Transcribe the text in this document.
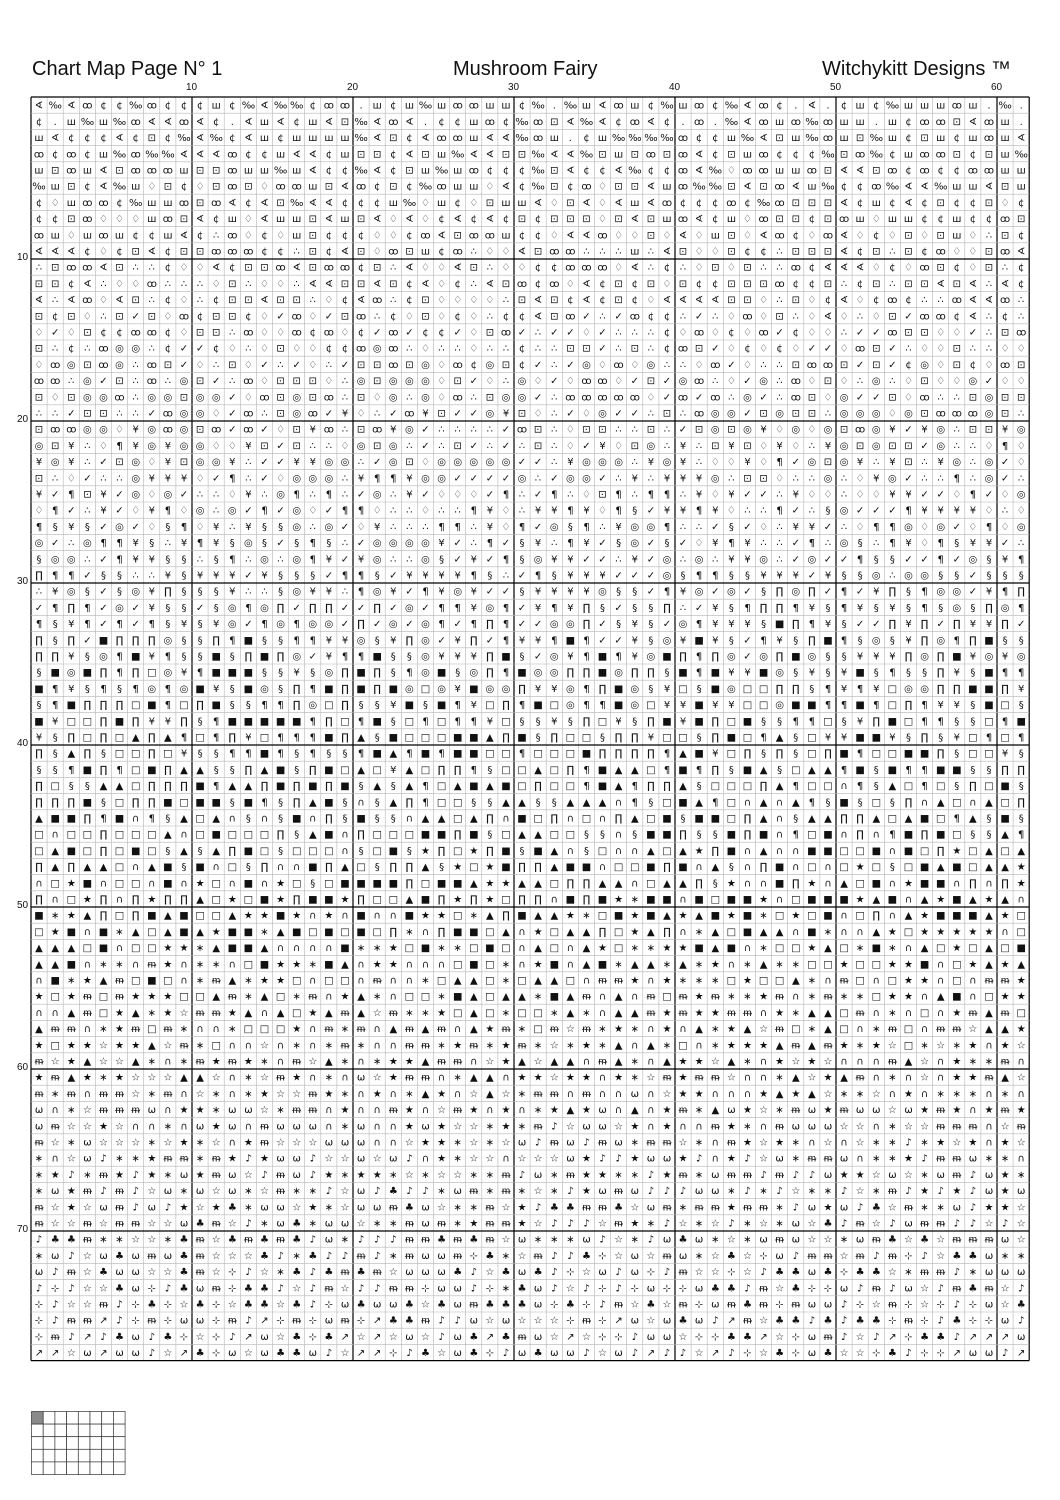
Chart Map Page N° 1	Mushroom Fairy	Witchykitt Designs ™
10	20	30	40	50	60
10
20
30
40
50
60
70
∢ ‰ ∢ ꝏ ¢ ¢ ‰ ꝏ ¢ ¢ ¢ ш ¢ ‰ ∢ ‰ ‰ ¢ ꝏ ꝏ . ш ¢ ш ‰ ш ꝏ ꝏ ш ш ¢ ‰ . ‰ ш ∢ ꝏ ш ¢ ‰ ш ꝏ ¢ ‰ ∢ ꝏ ¢ . ∢ . ¢ ш ¢ ‰ ш ш ш ꝏ ш . ‰ .
¢ . ш ‰ ш ‰ ꝏ ∢ ∢ ꝏ ∢ ¢ . ∢ ш ∢ ¢ ш ∢ ⊡ ‰ ∢ ꝏ ∢ . ¢ ¢ ш ꝏ ¢ ‰ ꝏ ⊡ ∢ ‰ ∢ ¢ ꝏ ∢ ¢ . ꝏ . ‰ ∢ ꝏ ш ꝏ ‰ ꝏ ш ш . ш ¢ ꝏ ꝏ ⊡ ∢ ꝏ ш .
ш ∢ ¢ ¢ ¢ ∢ ¢ ⊡ ¢ ‰ ∢ ‰ ¢ ∢ ш ¢ ш ш ш ш ‰ ∢ ⊡ ¢ ∢ ꝏ ꝏ ш ∢ ∢ ‰ ꝏ ш . ¢ ш ‰ ‰ ‰ ‰ ꝏ ¢ ¢ ш ‰ ∢ ⊡ ш ‰ ꝏ ш ⊡ ‰ ш ¢ ⊡ ш ¢ ш ꝏ ш ∢
ꝏ ¢ ꝏ ¢ ш ‰ ꝏ ‰ ‰ ∢ ∢ ∢ ꝏ ¢ ¢ ш ∢ ∢ ¢ ш ⊡ ⊡ ¢ ∢ ⊡ ш ‰ ∢ ∢ ⊡ ⊡ ‰ ∢ ∢ ‰ ⊡ ш ⊡ ꝏ ⊡ ꝏ ∢ ¢ ⊡ ш ꝏ ¢ ¢ ¢ ‰ ⊡ ꝏ ‰ ¢ ш ꝏ ꝏ ⊡ ¢ ⊡ ш ‰
ш ⊡ ꝏ ш ∢ ⊡ ꝏ ꝏ ꝏ ш ⊡ ⊡ ꝏ ш ш ‰ ш ∢ ¢ ¢ ‰ ∢ ¢ ⊡ ш ‰ ш ꝏ ¢ ¢ ¢ ‰ ⊡ ∢ ¢ ¢ ∢ ‰ ¢ ¢ ꝏ ∢ ‰ ♢ ꝏ ꝏ ш ш ꝏ ⊡ ∢ ∢ ⊡ ꝏ ¢ ꝏ ¢ ¢ ꝏ ꝏ ш ш
‰ ш ⊡ ¢ ∢ ‰ ш ♢ ⊡ ¢ ♢ ⊡ ꝏ ⊡ ♢ ꝏ ꝏ ш ⊡ ∢ ꝏ ¢ ⊡ ¢ ‰ ꝏ ш ш ♢ ∢ ¢ ‰ ⊡ ¢ ꝏ ♢ ⊡ ⊡ ∢ ш ꝏ ‰ ‰ ⊡ ∢ ⊡ ꝏ ∢ ш ‰ ¢ ¢ ꝏ ‰ ∢ ∢ ‰ ш ш ∢ ⊡ ш
¢ ♢ ш ꝏ ꝏ ¢ ‰ ш ш ꝏ ⊡ ꝏ ∢ ¢ ∢ ⊡ ‰ ∢ ∢ ¢ ¢ ¢ ш ‰ ♢ ш ¢ ♢ ⊡ ш ш ∢ ♢ ⊡ ∢ ♢ ∢ ш ∢ ꝏ ¢ ¢ ¢ ꝏ ¢ ‰ ꝏ ⊡ ⊡ ⊡ ∢ ¢ ш ¢ ∢ ¢ ⊡ ¢ ¢ ⊡ ♢ ¢
¢ ¢ ⊡ ꝏ ♢ ♢ ♢ ш ꝏ ⊡ ∢ ¢ ш ♢ ∢ ш ш ⊡ ∢ ш ⊡ ∢ ♢ ∢ ♢ ¢ ∢ ¢ ∢ ¢ ⊡ ¢ ⊡ ⊡ ⊡ ♢ ⊡ ∢ ⊡ ш ꝏ ∢ ¢ ш ♢ ꝏ ⊡ ⊡ ¢ ⊡ ꝏ ш ♢ ш ш ¢ ¢ ш ¢ ¢ ꝏ ⊡
ꝏ ш ♢ ш ꝏ ш ¢ ¢ ш ∢ ¢ ∴ ꝏ ♢ ¢ ♢ ш ⊡ ¢ ¢ ¢ ♢ ♢ ¢ ꝏ ∢ ⊡ ꝏ ꝏ ш ¢ ¢ ♢ ∢ ∢ ꝏ ♢ ♢ ⊡ ♢ ∢ ♢ ш ⊡ ♢ ∢ ꝏ ¢ ♢ ꝏ ∢ ♢ ¢ ♢ ⊡ ♢ ⊡ ш ♢ ∴ ⊡ ¢
∢ ∢ ∢ ¢ ♢ ¢ ⊡ ∢ ¢ ⊡ ⊡ ꝏ ꝏ ꝏ ¢ ¢ ∴ ⊡ ¢ ∢ ⊡ ♢ ꝏ ⊡ ш ¢ ꝏ ∴ ♢ ♢ ∢ ⊡ ꝏ ꝏ ∴ ∴ ∴ ш ∴ ∢ ⊡ ♢ ♢ ⊡ ¢ ¢ ∴ ⊡ ⊡ ⊡ ∢ ¢ ⊡ ∴ ⊡ ¢ ꝏ ♢ ♢ ⊡ ꝏ ∢
∴ ⊡ ꝏ ꝏ ∢ ⊡ ∴ ∴ ¢ ♢ ♢ ∢ ¢ ⊡ ⊡ ꝏ ∢ ⊡ ꝏ ꝏ ¢ ⊡ ∴ ∢ ♢ ♢ ∢ ⊡ ∴ ♢ ♢ ¢ ¢ ꝏ ꝏ ꝏ ♢ ∢ ∴ ¢ ∴ ♢ ⊡ ♢ ⊡ ∴ ∴ ꝏ ¢ ∢ ∢ ∢ ♢ ¢ ♢ ꝏ ⊡ ¢ ♢ ⊡ ∴ ¢
⊡ ⊡ ¢ ∢ ∴ ♢ ♢ ꝏ ∴ ∴ ∴ ♢ ⊡ ∴ ♢ ♢ ∴ ∢ ∢ ⊡ ⊡ ∢ ⊡ ¢ ∢ ♢ ¢ ∴ ∢ ⊡ ꝏ ¢ ꝏ ♢ ∢ ¢ ⊡ ¢ ⊡ ♢ ⊡ ¢ ¢ ⊡ ⊡ ⊡ ꝏ ¢ ¢ ⊡ ∴ ¢ ⊡ ∴ ⊡ ⊡ ∢ ⊡ ∢ ∴ ∢ ¢
∢ ∴ ∢ ꝏ ♢ ∢ ⊡ ∴ ¢ ♢ ∴ ¢ ⊡ ⊡ ∢ ⊡ ⊡ ∴ ♢ ¢ ∢ ꝏ ∴ ¢ ⊡ ♢ ♢ ♢ ♢ ∴ ⊡ ∢ ⊡ ¢ ∢ ¢ ⊡ ¢ ♢ ∢ ∢ ∢ ∢ ⊡ ⊡ ♢ ∴ ⊡ ♢ ¢ ∢ ♢ ¢ ꝏ ¢ ∴ ∴ ꝏ ∢ ∢ ꝏ ∴
⊡ ¢ ⊡ ♢ ∴ ⊡ ✓ ⊡ ♢ ꝏ ¢ ⊡ ⊡ ¢ ♢ ✓ ꝏ ♢ ✓ ⊡ ꝏ ∴ ¢ ♢ ⊡ ♢ ¢ ♢ ∴ ¢ ¢ ∢ ⊡ ꝏ ✓ ∴ ✓ ꝏ ¢ ¢ ∴ ✓ ∴ ♢ ꝏ ♢ ⊡ ∴ ♢ ∢ ♢ ∴ ♢ ⊡ ✓ ꝏ ꝏ ¢ ∢ ∴ ¢ ∴
♢ ✓ ♢ ⊡ ¢ ¢ ꝏ ꝏ ¢ ♢ ⊡ ⊡ ∴ ꝏ ♢ ♢ ꝏ ¢ ꝏ ♢ ¢ ✓ ꝏ ✓ ¢ ¢ ✓ ♢ ⊡ ꝏ ✓ ∴ ✓ ✓ ♢ ✓ ∴ ∴ ∴ ¢ ♢ ꝏ ♢ ¢ ♢ ꝏ ✓ ¢ ♢ ♢ ∴ ✓ ✓ ꝏ ⊡ ⊡ ♢ ♢ ✓ ∴ ⊡ ꝏ
⊡ ∴ ¢ ∴ ꝏ ◎ ◎ ∴ ¢ ✓ ✓ ¢ ♢ ∴ ♢ ⊡ ♢ ♢ ¢ ¢ ꝏ ◎ ꝏ ∴ ♢ ∴ ∴ ♢ ∴ ∴ ¢ ∴ ∴ ⊡ ⊡ ✓ ∴ ⊡ ∴ ¢ ꝏ ⊡ ✓ ♢ ¢ ♢ ¢ ♢ ✓ ✓ ♢ ꝏ ⊡ ✓ ∴ ♢ ♢ ⊡ ∴ ∴ ♢ ♢
♢ ꝏ ◎ ⊡ ꝏ ◎ ∴ ꝏ ⊡ ✓ ♢ ∴ ⊡ ♢ ✓ ∴ ✓ ♢ ∴ ✓ ⊡ ⊡ ꝏ ⊡ ◎ ♢ ꝏ ¢ ◎ ⊡ ¢ ✓ ∴ ✓ ◎ ♢ ꝏ ♢ ◎ ∴ ∴ ♢ ꝏ ✓ ♢ ∴ ∴ ⊡ ꝏ ꝏ ⊡ ✓ ⊡ ✓ ¢ ◎ ♢ ⊡ ¢ ♢ ꝏ ⊡
ꝏ ꝏ ∴ ◎ ✓ ⊡ ∴ ꝏ ∴ ◎ ⊡ ✓ ∴ ꝏ ♢ ⊡ ⊡ ⊡ ♢ ∴ ◎ ⊡ ◎ ◎ ◎ ♢ ⊡ ✓ ♢ ∴ ◎ ♢ ✓ ♢ ꝏ ꝏ ♢ ✓ ⊡ ✓ ◎ ꝏ ∴ ♢ ✓ ◎ ∴ ꝏ ♢ ⊡ ♢ ∴ ◎ ∴ ♢ ⊡ ♢ ♢ ◎ ✓ ♢ ♢
⊡ ♢ ⊡ ◎ ◎ ꝏ ∴ ◎ ◎ ⊡ ◎ ◎ ✓ ♢ ꝏ ⊡ ◎ ⊡ ꝏ ∴ ⊡ ♢ ◎ ∴ ◎ ♢ ꝏ ∴ ⊡ ◎ ◎ ✓ ∴ ꝏ ꝏ ꝏ ꝏ ꝏ ♢ ✓ ꝏ ✓ ꝏ ∴ ◎ ✓ ∴ ꝏ ⊡ ♢ ◎ ✓ ✓ ⊡ ♢ ꝏ ∴ ∴ ⊡ ◎ ⊡ ⊡
∴ ∴ ✓ ⊡ ⊡ ∴ ∴ ✓ ꝏ ◎ ◎ ♢ ✓ ꝏ ∴ ⊡ ◎ ꝏ ✓ ¥ ♢ ∴ ✓ ꝏ ¥ ⊡ ✓ ✓ ◎ ¥ ⊡ ♢ ∴ ✓ ♢ ◎ ✓ ✓ ∴ ⊡ ∴ ꝏ ◎ ◎ ✓ ⊡ ◎ ⊡ ⊡ ∴ ◎ ◎ ◎ ♢ ◎ ⊡ ꝏ ꝏ ꝏ ◎ ⊡ ∴
⊡ ꝏ ꝏ ◎ ◎ ♢ ¥ ◎ ꝏ ◎ ⊡ ꝏ ✓ ꝏ ✓ ♢ ⊡ ¥ ꝏ ∴ ⊡ ꝏ ¥ ◎ ✓ ∴ ∴ ∴ ∴ ✓ ꝏ ⊡ ∴ ♢ ⊡ ⊡ ∴ ∴ ⊡ ∴ ✓ ⊡ ◎ ⊡ ◎ ¥ ♢ ◎ ♢ ◎ ⊡ ꝏ ◎ ¥ ✓ ¥ ◎ ∴ ⊡ ⊡ ¥ ◎
◎ ⊡ ¥ ∴ ♢ ¶ ¥ ◎ ¥ ◎ ◎ ♢ ♢ ¥ ⊡ ✓ ⊡ ∴ ∴ ♢ ◎ ⊡ ◎ ∴ ✓ ∴ ⊡ ✓ ∴ ✓ ∴ ⊡ ∴ ♢ ✓ ¥ ♢ ⊡ ◎ ∴ ¥ ∴ ⊡ ¥ ⊡ ♢ ¥ ♢ ∴ ¥ ◎ ⊡ ◎ ⊡ ⊡ ✓ ◎ ∴ ∴ ♢ ¶ ♢
¥ ◎ ¥ ∴ ✓ ⊡ ◎ ♢ ¥ ⊡ ◎ ◎ ¥ ∴ ✓ ✓ ¥ ¥ ◎ ◎ ∴ ✓ ◎ ⊡ ♢ ◎ ◎ ◎ ◎ ◎ ✓ ✓ ∴ ¥ ◎ ◎ ◎ ∴ ¥ ◎ ¥ ∴ ♢ ♢ ¥ ♢ ¶ ✓ ◎ ⊡ ◎ ¥ ∴ ¥ ⊡ ∴ ¥ ◎ ∴ ◎ ✓ ♢
⊡ ∴ ♢ ✓ ∴ ∴ ◎ ¥ ¥ ¥ ♢ ✓ ¶ ∴ ✓ ♢ ◎ ◎ ◎ ∴ ¥ ¶ ¶ ¥ ◎ ◎ ✓ ✓ ✓ ✓ ◎ ∴ ✓ ◎ ◎ ✓ ∴ ¥ ∴ ¥ ¥ ¥ ◎ ∴ ⊡ ⊡ ♢ ∴ ∴ ◎ ∴ ♢ ¥ ◎ ✓ ∴ ∴ ¶ ∴ ◎ ✓ ∴
¥ ✓ ¶ ⊡ ¥ ✓ ◎ ♢ ◎ ✓ ∴ ∴ ♢ ¥ ∴ ◎ ¶ ∴ ¶ ∴ ✓ ◎ ∴ ¥ ✓ ♢ ♢ ♢ ✓ ¶ ∴ ✓ ¶ ∴ ♢ ⊡ ¶ ∴ ¶ ¶ ∴ ¥ ♢ ¥ ✓ ✓ ∴ ¥ ♢ ♢ ∴ ♢ ♢ ¥ ¥ ✓ ✓ ♢ ¶ ✓ ♢ ◎
♢ ¶ ✓ ∴ ¥ ✓ ♢ ¥ ¶ ♢ ◎ ∴ ◎ ✓ ¶ ✓ ◎ ♢ ✓ ¶ ¶ ♢ ∴ ∴ ♢ ∴ ∴ ¶ ¥ ♢ ∴ ¥ ¥ ¶ ¥ ♢ ¶ § ✓ ¥ ¥ ¶ ¥ ♢ ∴ ∴ ¶ ✓ ∴ § ◎ ✓ ✓ ✓ ¶ ¥ ¥ ¥ ¥ ♢ ∴ ♢
¶ § ¥ § ✓ ◎ ✓ ♢ § ¶ ♢ ¥ ∴ ¥ § § ◎ ∴ ◎ ✓ ♢ ¥ ∴ ∴ ∴ ¶ ¶ ∴ ¥ ♢ ¶ ✓ ◎ § ¶ ∴ ¥ ◎ ◎ ¶ ∴ ∴ ✓ § ✓ ♢ ∴ ¥ ¥ ✓ ∴ ♢ ¶ ¶ ◎ ♢ ◎ ✓ ♢ ¶ ♢ ◎
◎ ✓ ∴ ◎ ¶ ¶ ¥ § ∴ ¥ ¶ ¥ § ◎ § ✓ § ¶ § ∴ ✓ ◎ ◎ ◎ ◎ ¥ ✓ ∴ ¶ ✓ § ¥ ∴ ¶ ¥ ✓ § ◎ ✓ § ✓ ♢ ¥ ¶ ¥ ∴ ∴ ✓ ¶ ∴ ◎ § ∴ ¶ ¥ ♢ ¶ § ¥ ¥ ✓ ∴
§ ◎ ◎ ∴ ✓ ¶ ¥ ¥ § § ∴ § ¶ ∴ ◎ ∴ ◎ ¶ ¥ ✓ ¥ ◎ ∴ ∴ ◎ § ✓ ¥ ✓ ¶ § ◎ ¥ ¥ ✓ ✓ ∴ ¥ ✓ ◎ ∴ ◎ ∴ ¥ ¥ ◎ ∴ ✓ ◎ ✓ ✓ ¶ § § ✓ ✓ ¶ ✓ ◎ § ¥ ¶
∏ ¶ ¶ ✓ § § ∴ ∴ ¥ § ¥ ¥ ¥ ✓ ¥ § § § ✓ ¶ ¶ § ✓ ¥ ¥ ¥ ¥ ¶ § ∴ ✓ ¶ § ¥ ¥ ¥ ✓ ✓ ✓ ◎ § ¶ ¶ § § ¥ ¥ ¥ ✓ ¥ § § ◎ ∴ ◎ ◎ § § ✓ § § §
∴ ¥ ◎ § ✓ § ◎ ¥ ∏ § § § ¥ ∴ ∴ § ◎ ¥ ¥ ∴ ¶ ◎ ¥ ✓ ¶ ¥ ◎ ¥ ✓ ✓ § ¥ ¥ ¥ ¥ ◎ § § ✓ ¶ ¥ ◎ ✓ ◎ ✓ § ∏ ◎ ∏ ✓ ¶ ✓ ¥ ∏ § ¶ ◎ ◎ ✓ ¥ ¶ ∏
✓ ¶ ∏ ¶ ✓ ◎ ✓ ¥ § § ✓ § ◎ ¶ ◎ ∏ ✓ ∏ ∏ ✓ ✓ ∏ ✓ ◎ ✓ ¶ ¶ ¥ ◎ ¶ ✓ ¥ ¶ ¥ ∏ § ✓ § § ∏ ∴ ✓ ¥ § ¶ ∏ ∏ ¶ ¥ § ¶ ¥ § ¥ § ¶ § ◎ § ∏ ◎ ¶
¶ § ¥ ¶ ✓ ¶ ✓ ¶ § ¥ § ¥ ◎ ✓ ¶ ◎ ¶ ◎ ◎ ✓ ∏ ✓ ◎ ✓ ◎ ¶ ✓ ¶ ∏ ¶ ✓ ✓ ◎ ◎ ∏ ✓ § ¥ § ✓ ◎ ¶ ¥ ¥ ¥ § ■ ∏ ¶ ¥ § ✓ ✓ ∏ ¥ ∏ ✓ ∏ ¥ ¥ ∏ ✓
∏ § ∏ ✓ ■ ∏ ∏ ∏ ◎ § § ∏ ¶ ■ § § ¶ ¶ ¥ ¥ ◎ § ¥ ∏ ◎ ✓ ¥ ∏ ✓ ¶ ¥ ¥ ¶ ■ ¶ ✓ ✓ ¥ § ◎ ¥ ■ ¥ § ✓ ¶ ¥ § ∏ ■ ¶ § ◎ § ¥ ∏ ◎ ¶ ∏ ■ § §
∏ ∏ ¥ § ◎ ¶ ■ ¥ ¶ § § ■ § ∏ ■ ∏ ◎ ✓ ¥ ¶ ¶ ■ § § ◎ ¥ ¥ ¥ ∏ ■ § ✓ ◎ ¥ ¶ ■ ¶ ¥ ◎ ■ ∏ ¶ ∏ ◎ ✓ ◎ ∏ ■ ◎ § § ¥ ¥ ¥ ∏ ◎ ∏ ■ ¥ ◎ ¥ ◎
§ ■ ◎ ■ ∏ ¶ ∏ □ ◎ ¥ ¶ ■ ■ ■ § § ¥ § ◎ ∏ ■ ∏ § ¶ ◎ ■ § ◎ ∏ ¶ ■ ◎ ◎ ∏ ∏ ■ ◎ ∏ ∏ § ■ ¶ ■ ¥ ¥ ■ ◎ § ¥ § ¥ ■ § ¶ § § ∏ ¥ § ■ ¶ ¶
■ ¶ ¥ § ¶ § ¶ ◎ ¶ ◎ ■ ¥ § ■ ◎ § ∏ ¶ ■ ∏ ■ ∏ ■ ◎ □ ◎ ¥ ■ ◎ ◎ ∏ ¥ ¥ ◎ ¶ ∏ ■ ◎ § ¥ □ § ■ ◎ □ □ ∏ ∏ § ¶ ¥ ¶ ¥ □ ◎ ◎ ∏ ∏ ■ ■ ∏ ¥
§ ¶ ■ ∏ ∏ ∏ □ ■ ¶ □ ∏ ■ § § ¶ ¶ ∏ ◎ □ ∏ § § ¥ ■ § ■ ¶ ¥ □ ∏ ¶ ■ □ ◎ ¶ ¶ ■ ◎ □ ¥ ¥ ■ ¥ ¥ □ □ ◎ ■ ■ ¶ ¶ ■ ¶ □ ∏ ¶ ¥ ¥ § ■ □ §
■ ¥ □ □ ∏ ■ ∏ ¥ ¥ ∏ § ¶ ■ ■ ■ ■ ■ ¶ ∏ □ ¶ ■ § □ ¶ □ ¶ ¶ ¥ □ § § ¥ § ∏ □ ¥ § ∏ ■ ¥ ■ ∏ □ ■ § § ¶ ¶ □ § ¥ ∏ ■ □ ¶ ¶ § § □ ¶ ■
¥ § ∏ □ ∏ □ ▲ ∏ ▲ ¶ □ ¶ ∏ ¥ □ ¶ ¶ ¶ ■ ∏ ▲ § ■ □ □ □ ■ ■ ▲ ∏ ■ § ∏ □ □ § ∏ ∏ ¥ □ □ § ∏ ■ □ ¶ ▲ § □ ¥ ¥ ■ ■ ¥ § ∏ § ¥ □ ¶ □ ¶
∏ § ▲ ∏ § □ □ ∏ □ ¥ § § ¶ ¶ ■ ¶ § ¶ § § ¶ ■ ▲ ¶ ■ ¶ ■ ■ □ □ ¶ □ □ □ ■ ∏ ∏ ∏ ∏ ¶ ▲ ■ ¥ □ ∏ § ∏ § □ ∏ ■ ¶ □ □ ■ ■ ∏ § □ □ ¥ §
§ § ¶ ■ ∏ ¶ □ ■ ∏ ▲ ▲ § § ∏ ▲ ■ § ∏ ■ □ ▲ □ ¥ ▲ □ ∏ ∏ ¶ § □ □ ▲ □ ∏ ¶ ■ ▲ ▲ □ ¶ ■ ¶ ∏ § ■ ▲ § □ ▲ ▲ ¶ ■ § ■ ¶ ¶ ■ ■ § § ∏ ∏
∏ □ § § ▲ ▲ □ ∏ ∏ ∏ ■ ¶ ▲ ▲ ∏ ■ ∏ ■ ∏ ■ § ▲ § ▲ ¶ □ ▲ ■ ▲ ■ □ ∏ □ □ ¶ ■ ▲ ¶ ∏ ∏ ▲ § □ □ □ ∏ ▲ ¶ □ □ ∩ ¶ § ▲ □ ¶ □ § ∏ □ ■ §
∏ ∏ ∏ ■ § □ ∏ ∏ ■ □ ■ ■ § ■ ¶ § ∏ ▲ ■ § ∩ § ▲ ∏ ¶ □ □ § § ▲ ▲ § § ▲ ▲ ▲ ∩ ¶ § □ ■ ▲ ¶ □ ∩ ▲ ∩ ▲ ¶ § ■ § □ § ∏ ∩ ▲ □ ∩ ▲ □ ∏
▲ ■ ■ ∏ ¶ ■ ∩ ¶ § ▲ □ ▲ ∩ § ∩ § ■ ∩ ∏ § ■ § § ∩ ▲ ▲ □ ▲ ∏ ∩ ■ □ ∏ ∩ □ ∩ ∏ ▲ □ ■ § ■ ■ □ ∏ ▲ ∩ § ▲ ▲ ∏ ∏ ▲ □ ▲ ■ □ ¶ ▲ § ■ §
□ ∩ □ □ ∏ □ □ □ ▲ ∩ □ ■ □ □ □ ∏ § ▲ ■ ∩ ∏ □ □ □ ■ ■ ∏ ■ § □ ▲ ▲ □ □ § § ∩ § ■ ■ ∏ § § ■ ∏ ■ ∩ ¶ □ ■ ∩ ∏ ∩ ¶ ■ ∏ ■ □ § § ▲ ¶
□ ▲ ■ □ ∏ □ ■ □ § ▲ § ▲ ∏ ■ □ § □ □ □ ∩ § □ ■ § ★ ∏ □ ★ ∏ ■ § ■ ▲ ∩ § □ ∩ ∩ ▲ □ ▲ ★ ∏ ■ ∩ ▲ ∩ ∩ ■ ■ □ □ ■ ∩ ■ □ ∏ ★ □ ▲ □ ▲
∏ ▲ ∏ ▲ ▲ □ ∩ ▲ ■ § ■ ∩ □ § ∏ ∩ ∩ ■ ∏ ▲ □ § ∏ ∏ ▲ § ★ □ ★ ■ ∏ ∏ ▲ ■ ■ ∩ □ □ ■ ∏ ■ ∩ ▲ § ∩ ∏ ■ ∩ □ ∩ □ ★ □ § □ ■ ▲ ■ □ ▲ ▲ ★
∩ □ ★ ■ ∩ □ □ ∩ ■ ∩ ★ □ ∩ ■ ∩ ★ □ § □ ■ ■ ■ ■ ∏ □ ■ ■ ▲ ★ ★ ▲ ▲ □ ∏ ∏ ▲ ▲ ∩ □ ▲ ▲ ∏ § ★ ∩ ∩ ■ ∏ ★ ∩ ▲ □ ■ ∩ ★ ■ ■ ∩ ∏ ∩ ∏ ★
∏ ∩ □ ★ ∏ ∩ ∏ ★ ∏ ∏ ▲ □ ★ □ ■ ★ ∏ ■ ■ ★ ∏ □ □ ▲ ■ ∏ ★ ∏ ★ □ ∏ ∏ ∩ ■ ∏ ■ ★ ∗ ■ ■ ∩ ■ □ ■ ■ ★ ∩ □ ■ ■ ■ ★ ▲ ■ ∩ ▲ ★ ■ ▲ ★ ▲ ∩
■ ∗ ★ ▲ ∏ □ ∏ ■ ▲ ■ □ □ ▲ ★ ★ ■ ★ ∩ ★ ∩ ■ ∩ ∩ ■ ★ ★ □ ∗ ▲ ∏ ■ ▲ ▲ ★ ∗ □ ■ ★ ■ ▲ ★ ▲ ■ ★ ■ ∗ □ ★ □ ■ ∩ □ ∏ ∩ ▲ ★ ■ ■ ■ ▲ ★ □
□ ★ ■ ∩ ■ ∗ ▲ □ ▲ ■ ▲ ★ ■ ■ ∗ ▲ ■ □ ■ □ ■ □ ∏ ∗ ∩ ∏ ■ ■ □ ▲ ∩ ★ □ ▲ ▲ ∏ □ ★ ▲ ∏ ∩ ∗ ▲ □ ■ ▲ ▲ ∩ ■ ∗ ∩ ∩ ▲ ★ □ ★ ★ ★ ★ ★ ∩ □
▲ ▲ ▲ □ ■ ∩ □ □ ★ ★ ∗ ▲ ■ ■ ▲ ∩ ∩ ∩ ∩ ■ ∗ ∗ ★ □ ■ ∗ ∗ □ ■ □ ∩ ▲ □ ∩ ▲ ★ □ ∗ ∗ ★ ★ ■ ▲ ■ ∩ ∗ □ □ ★ ▲ □ ∗ ■ ∗ ∩ ▲ □ ★ □ ▲ □ ■
▲ ▲ ■ ∩ ∗ ∗ ∩ ᵯ ★ ∩ ∗ ∗ ∩ □ ■ ★ ★ ∗ ■ ▲ ∩ ★ ★ ∩ ∩ ∩ □ ■ □ ∗ ∩ ★ ■ ∩ ▲ ■ ∗ ▲ ▲ ∗ ▲ ∗ ★ ∩ ∗ ▲ ∗ ∗ □ □ ★ □ □ ★ ★ ■ ∩ □ ★ ▲ ★ ▲
∩ ■ ∗ ★ ▲ ᵯ □ ■ □ ∩ ∗ ᵯ ▲ ∗ ★ ★ □ ∩ □ □ ∩ ᵯ ∩ ∩ ∗ □ ▲ ▲ □ ∗ □ ▲ ▲ □ ∩ ᵯ ᵯ ★ ∩ ★ ∗ ∗ ∗ □ ★ □ □ ▲ ∗ ∩ ᵯ □ ∩ □ ★ ★ ∩ □ ∩ ᵯ ᵯ ★
★ □ ★ ᵯ □ ᵯ ★ ★ ★ □ □ ▲ ᵯ ∗ ▲ □ ∗ ᵯ ∩ ★ ▲ ∗ ∩ □ □ ∗ ■ ▲ □ ▲ ▲ ∗ ■ ▲ ᵯ ∩ ▲ ∩ ᵯ □ ᵯ ★ ᵯ ∗ ∗ ★ ᵯ ∩ ∗ ᵯ ∗ ∗ □ ★ ★ ∩ ▲ ■ ∩ □ ★ ★
∩ ∩ ▲ ᵯ □ ★ ▲ ∗ ★ ☆ ᵯ ᵯ ★ ▲ ∩ ▲ □ ★ ▲ ᵯ ▲ ☆ ᵯ ∗ ∗ ★ □ ▲ □ ∗ □ □ ∗ ▲ ∗ ∩ ▲ ▲ ᵯ ★ ᵯ ★ ★ ᵯ ᵯ ∩ ★ ∗ ▲ ▲ □ ᵯ ∩ ∗ ∩ □ ∩ ★ ᵯ ▲ ᵯ □
▲ ᵯ ᵯ ∩ ∗ ★ ᵯ □ ᵯ ∗ ∩ ∩ ∗ □ □ □ ★ ∩ ᵯ ∗ ᵯ ∩ ▲ ᵯ ▲ ᵯ ∩ ▲ ★ ᵯ ∗ □ ᵯ ☆ ᵯ ∗ ★ ∗ ∩ ★ ∩ ▲ ∗ ★ ▲ ☆ ᵯ □ ∗ ▲ □ ∩ ∗ ᵯ □ ∩ ᵯ ᵯ ☆ ▲ ▲ ★
★ □ ★ ★ ☆ ★ ★ ▲ ☆ ᵯ ∗ □ ∩ ∩ ☆ ∩ ∗ ∩ ∗ ᵯ ∗ ∩ ∩ ᵯ ᵯ ∗ ★ ᵯ ∗ ★ ᵯ ∗ ☆ ∗ ★ ∗ ▲ ∩ ▲ ∗ □ ∩ ∗ ★ ★ ★ ▲ ᵯ ▲ ᵯ ★ ∗ ★ ☆ □ ∗ ☆ ∗ ★ ∩ ★ ☆
ᵯ ☆ ★ ▲ ☆ ☆ ▲ ∗ ∩ ∗ ᵯ ★ ᵯ ★ ∗ ∩ ᵯ ☆ ▲ ∗ ∩ ∗ ★ ★ ▲ ᵯ ᵯ ∩ ☆ ★ ▲ ☆ ▲ ▲ ∩ ᵯ ▲ ∗ ∩ ▲ ★ ★ ☆ ▲ ∗ ∩ ★ ☆ ★ ☆ ∩ ∩ ∩ ᵯ ▲ ☆ ∩ ★ ∗ ∗ ᵯ ∩
★ ᵯ ▲ ★ ∗ ★ ☆ ☆ ☆ ▲ ▲ ☆ ∩ ∗ ☆ ᵯ ★ ∩ ∗ ∩ ω ☆ ★ ᵯ ᵯ ∩ ∗ ▲ ▲ ∩ ★ ★ ☆ ★ ★ ∩ ★ ∗ ☆ ᵯ ★ ᵯ ᵯ ☆ ∩ ∩ ∗ ▲ ☆ ★ ▲ ᵯ ∩ ∗ ∩ ☆ ∩ ★ ★ ᵯ ▲ ☆
ᵯ ∗ ᵯ ∩ ᵯ ᵯ ☆ ∗ ᵯ ∩ ☆ ∗ ∩ ∗ ★ ☆ ☆ ᵯ ★ ∗ ∩ ★ ∩ ∗ ▲ ★ ∩ ☆ ▲ ☆ ∗ ᵯ ᵯ ∩ ᵯ ∩ ∩ ω ∩ ☆ ★ ★ ∩ ∩ ∩ ★ ▲ ★ ▲ ☆ ∗ ∗ ☆ ∩ ★ ∩ ∗ ∗ ∗ ∩ ∗ ∩
ω ∩ ∗ ☆ ᵯ ᵯ ᵯ ω ∩ ★ ★ ∗ ω ω ☆ ∗ ᵯ ᵯ ∩ ★ ∩ ∩ ᵯ ★ ∩ ☆ ᵯ ★ ∩ ★ ∩ ∗ ★ ▲ ★ ω ∩ ▲ ∩ ★ ᵯ ∗ ▲ ω ★ ☆ ∗ ᵯ ω ★ ᵯ ω ω ☆ ω ★ ᵯ ★ ∩ ★ ᵯ ★
ω ᵯ ☆ ☆ ★ ☆ ∩ ∩ ∗ ∩ ω ★ ω ∩ ᵯ ω ω ω ∩ ∗ ω ∩ ∩ ★ ω ★ ☆ ☆ ∗ ★ ∗ ᵯ ♪ ☆ ω ω ☆ ★ ∩ ★ ∩ ∩ ᵯ ★ ∗ ∩ ᵯ ω ω ω ☆ ☆ ∩ ∗ ☆ ☆ ᵯ ᵯ ᵯ ∩ ☆ ᵯ
ᵯ ☆ ∗ ω ☆ ☆ ☆ ∗ ☆ ★ ∗ ☆ ∩ ★ ᵯ ☆ ☆ ☆ ω ω ω ∩ ∩ ☆ ★ ★ ∗ ☆ ∗ ☆ ω ♪ ᵯ ω ♪ ᵯ ω ∗ ᵯ ᵯ ☆ ∗ ∩ ᵯ ★ ☆ ★ ∗ ∩ ☆ ∩ ☆ ∗ ∗ ♪ ∗ ★ ☆ ★ ∩ ★ ☆
∗ ∩ ☆ ω ♪ ∗ ∗ ★ ᵯ ᵯ ∗ ᵯ ★ ♪ ★ ω ω ♪ ☆ ☆ ω ☆ ω ♪ ∩ ★ ∗ ☆ ☆ ∩ ☆ ☆ ☆ ω ★ ♪ ♪ ★ ω ω ★ ♪ ∩ ★ ♪ ☆ ω ∗ ᵯ ᵯ ω ∩ ∗ ∗ ★ ♪ ᵯ ᵯ ω ∗ ∗ ∩
∗ ★ ♪ ∗ ᵯ ★ ♪ ★ ∗ ω ★ ᵯ ω ☆ ♪ ᵯ ω ♪ ★ ∗ ★ ★ ∗ ☆ ∗ ☆ ☆ ∗ ∗ ᵯ ♪ ω ∗ ᵯ ★ ★ ∗ ∗ ♪ ★ ᵯ ∗ ω ᵯ ᵯ ♪ ᵯ ♪ ♪ ω ★ ★ ☆ ω ☆ ∗ ω ᵯ ♪ ω ★ ∗
∗ ω ★ ᵯ ♪ ᵯ ♪ ☆ ω ∗ ω ☆ ω ∗ ☆ ᵯ ∗ ∗ ♪ ☆ ω ♪ ♣ ♪ ♪ ∗ ω ᵯ ∗ ᵯ ∗ ☆ ∗ ♪ ★ ω ᵯ ω ♪ ♪ ♪ ω ω ∗ ♪ ∗ ♪ ☆ ∗ ∗ ♪ ☆ ∗ ᵯ ♪ ★ ♪ ★ ♪ ω ★ ω
ᵯ ☆ ★ ☆ ω ᵯ ♪ ω ♪ ★ ☆ ★ ♣ ∗ ω ω ☆ ★ ∗ ☆ ω ω ᵯ ♣ ω ☆ ∗ ∗ ᵯ ☆ ★ ♪ ♣ ♣ ᵯ ᵯ ♣ ☆ ω ᵯ ∗ ᵯ ᵯ ★ ᵯ ᵯ ∗ ♪ ω ★ ω ♪ ♣ ☆ ᵯ ∗ ∗ ω ♪ ★ ★ ☆
ᵯ ☆ ☆ ᵯ ☆ ᵯ ᵯ ☆ ☆ ω ♣ ᵯ ☆ ♪ ∗ ω ♣ ∗ ω ω ☆ ∗ ∗ ᵯ ω ᵯ ∗ ★ ᵯ ᵯ ★ ☆ ♪ ♪ ♪ ☆ ᵯ ★ ∗ ♪ ☆ ∗ ☆ ♪ ∗ ☆ ∗ ω ☆ ♣ ♪ ᵯ ☆ ♪ ω ᵯ ᵯ ♪ ♪ ☆ ♪ ☆
♪ ♣ ♣ ᵯ ∗ ∗ ☆ ☆ ∗ ♣ ᵯ ☆ ♣ ᵯ ♣ ᵯ ♣ ♪ ω ∗ ♪ ♪ ♪ ᵯ ᵯ ♣ ᵯ ♣ ᵯ ☆ ω ∗ ∗ ∗ ω ♪ ☆ ∗ ♪ ω ♣ ω ∗ ☆ ∗ ω ᵯ ω ☆ ☆ ∗ ω ᵯ ♣ ☆ ♣ ☆ ᵯ ᵯ ᵯ ω ☆
∗ ω ♪ ☆ ω ♣ ω ᵯ ω ♣ ᵯ ☆ ☆ ☆ ♣ ♪ ∗ ♣ ♪ ♪ ᵯ ♪ ∗ ᵯ ω ω ᵯ ⊹ ♣ ∗ ☆ ᵯ ♪ ♪ ♣ ⊹ ☆ ω ☆ ᵯ ω ∗ ☆ ♣ ☆ ⊹ ω ♪ ᵯ ᵯ ☆ ᵯ ♪ ᵯ ⊹ ♪ ☆ ♣ ♣ ω ∗ ∗
ω ♪ ᵯ ☆ ♣ ω ω ☆ ☆ ♣ ᵯ ☆ ⊹ ♪ ☆ ∗ ♣ ♪ ♣ ᵯ ♣ ᵯ ☆ ω ω ω ♣ ♪ ☆ ♣ ω ♣ ♪ ⊹ ☆ ω ♪ ω ⊹ ♪ ᵯ ☆ ☆ ⊹ ☆ ♪ ♣ ♣ ω ♣ ⊹ ♣ ♣ ☆ ∗ ᵯ ᵯ ♪ ∗ ω ω ω
♪ ⊹ ♪ ☆ ☆ ♣ ω ⊹ ♪ ♣ ω ᵯ ⊹ ♣ ♣ ♪ ☆ ♪ ᵯ ☆ ♪ ♪ ᵯ ᵯ ⊹ ω ω ♪ ⊹ ∗ ♣ ω ♪ ☆ ♪ ⊹ ♪ ⊹ ω ⊹ ⊹ ω ♣ ♣ ♪ ᵯ ☆ ♣ ⊹ ⊹ ω ♪ ᵯ ♪ ω ☆ ♪ ᵯ ♣ ᵯ ☆ ♪
⊹ ♪ ☆ ☆ ᵯ ♪ ⊹ ♣ ⊹ ☆ ♣ ⊹ ☆ ♣ ♣ ☆ ♣ ♪ ⊹ ω ♣ ω ω ♣ ☆ ♣ ω ᵯ ♣ ♣ ♣ ω ⊹ ♣ ⊹ ♪ ᵯ ☆ ♣ ☆ ᵯ ⊹ ω ᵯ ♣ ᵯ ⊹ ᵯ ω ω ♪ ⊹ ☆ ᵯ ⊹ ☆ ⊹ ♪ ⊹ ω ☆ ♣
⊹ ♪ ᵯ ᵯ ↗ ♪ ⊹ ᵯ ⊹ ω ω ⊹ ᵯ ♪ ↗ ⊹ ᵯ ⊹ ω ᵯ ⊹ ↗ ♣ ♣ ᵯ ♪ ♪ ω ☆ ω ☆ ☆ ☆ ⊹ ᵯ ⊹ ↗ ω ☆ ω ♣ ω ♪ ↗ ᵯ ☆ ♣ ♣ ♪ ♣ ♪ ♣ ♣ ⊹ ᵯ ⊹ ♪ ♣ ⊹ ⊹ ω ♪
⊹ ᵯ ♪ ↗ ♪ ♣ ω ♪ ♣ ⊹ ☆ ⊹ ♪ ↗ ω ☆ ♣ ⊹ ♣ ↗ ☆ ↗ ☆ ω ☆ ♪ ω ♣ ↗ ♣ ᵯ ω ☆ ↗ ☆ ⊹ ⊹ ♪ ω ω ☆ ⊹ ⊹ ♣ ♣ ↗ ☆ ⊹ ω ᵯ ♪ ☆ ♪ ↗ ⊹ ♣ ♣ ♪ ↗ ↗ ↗ ω
↗ ↗ ☆ ω ↗ ω ω ♪ ☆ ↗ ♣ ⊹ ω ☆ ω ♣ ♣ ω ♪ ☆ ↗ ↗ ⊹ ♪ ♣ ☆ ω ♣ ⊹ ♪ ω ♣ ω ω ♪ ☆ ω ♪ ↗ ♪ ♪ ☆ ↗ ♪ ⊹ ☆ ♣ ⊹ ω ♣ ☆ ☆ ⊹ ♣ ♪ ⊹ ⊹ ↗ ω ω ♪ ↗
